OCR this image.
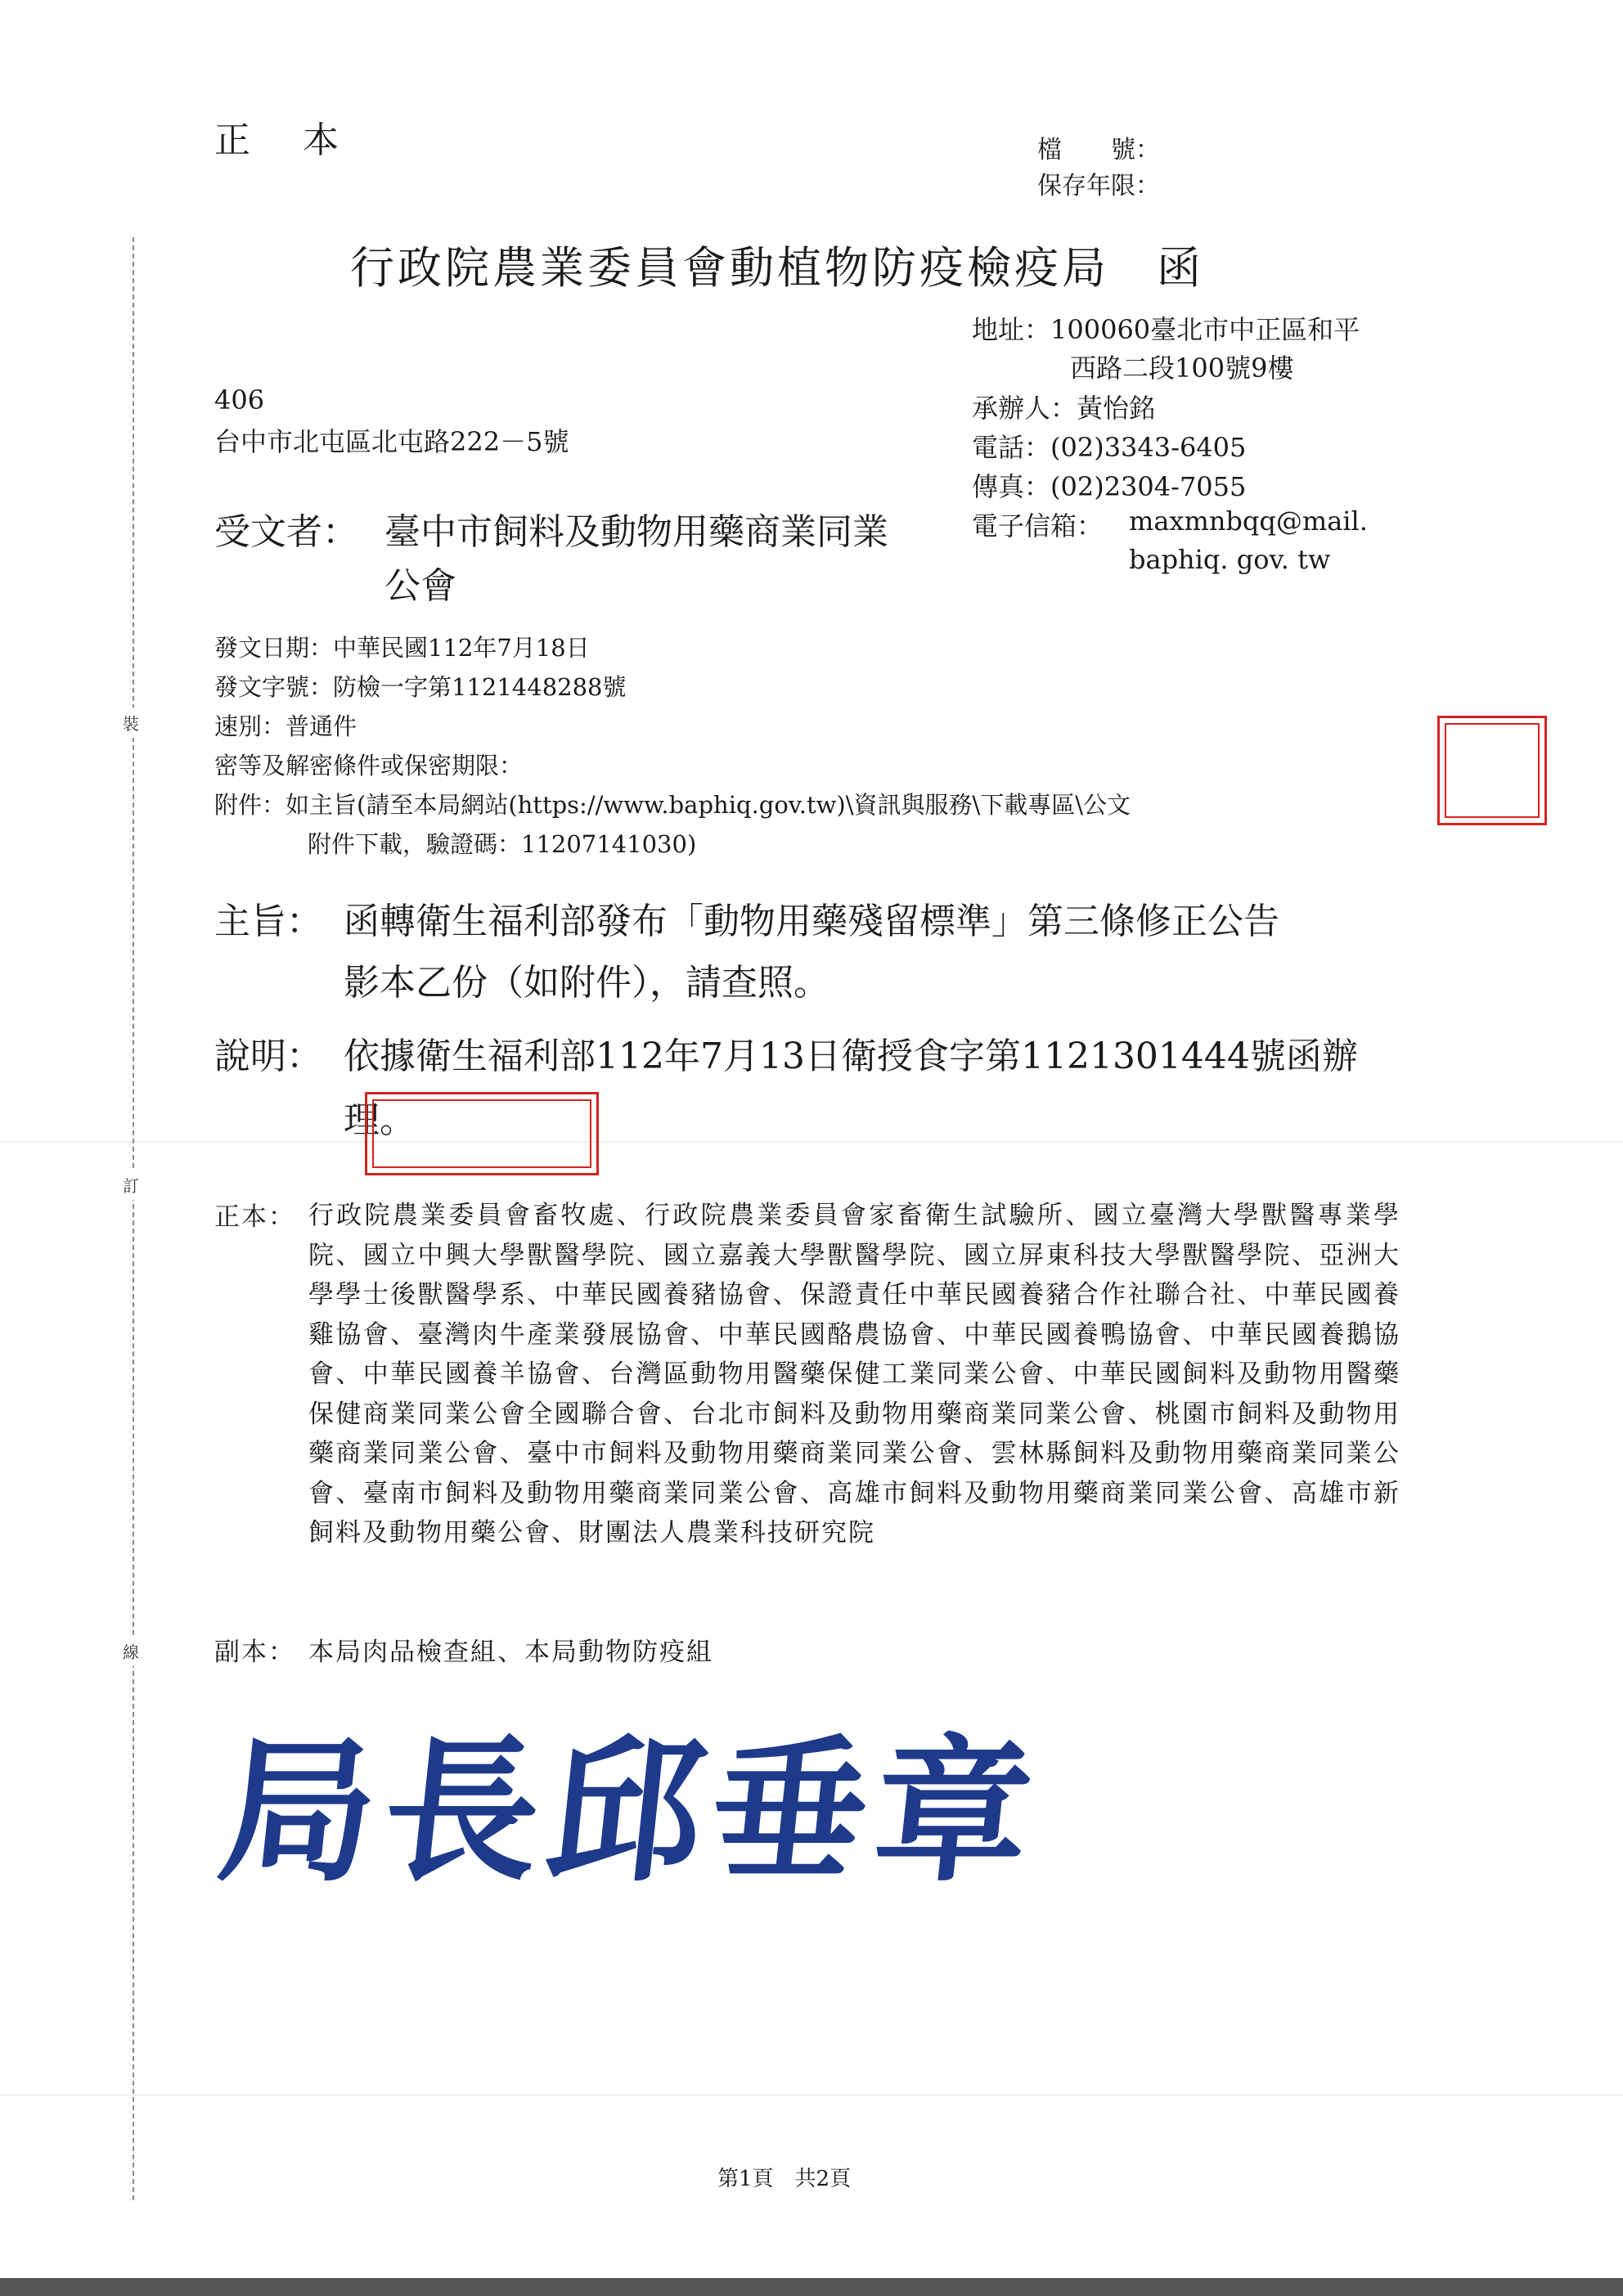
裝
訂
線
正　本	檔　　號：
保存年限：
行政院農業委員會動植物防疫檢疫局　函
地址：100060臺北市中正區和平
西路二段100號9樓
承辦人：黃怡銘
電話：(02)3343-6405
傳真：(02)2304-7055
電子信箱： maxmnbqq@mail.
baphiq. gov. tw
406
台中市北屯區北屯路222－5號
受文者： 臺中市飼料及動物用藥商業同業
公會
發文日期：中華民國112年7月18日
發文字號：防檢一字第1121448288號
速別：普通件
密等及解密條件或保密期限：
附件：如主旨(請至本局網站(https://www.baphiq.gov.tw)\資訊與服務\下載專區\公文
附件下載，驗證碼：11207141030)
主旨： 函轉衛生福利部發布「動物用藥殘留標準」第三條修正公告
影本乙份（如附件），請查照。
說明： 依據衛生福利部112年7月13日衛授食字第1121301444號函辦
理。
正本： 行政院農業委員會畜牧處、行政院農業委員會家畜衛生試驗所、國立臺灣大學獸醫專業學院、國立中興大學獸醫學院、國立嘉義大學獸醫學院、國立屏東科技大學獸醫學院、亞洲大學學士後獸醫學系、中華民國養豬協會、保證責任中華民國養豬合作社聯合社、中華民國養雞協會、臺灣肉牛產業發展協會、中華民國酪農協會、中華民國養鴨協會、中華民國養鵝協會、中華民國養羊協會、台灣區動物用醫藥保健工業同業公會、中華民國飼料及動物用醫藥保健商業同業公會全國聯合會、台北市飼料及動物用藥商業同業公會、桃園市飼料及動物用藥商業同業公會、臺中市飼料及動物用藥商業同業公會、雲林縣飼料及動物用藥商業同業公會、臺南市飼料及動物用藥商業同業公會、高雄市飼料及動物用藥商業同業公會、高雄市新飼料及動物用藥公會、財團法人農業科技研究院
副本： 本局肉品檢查組、本局動物防疫組
局長邱垂章
第1頁　共2頁
